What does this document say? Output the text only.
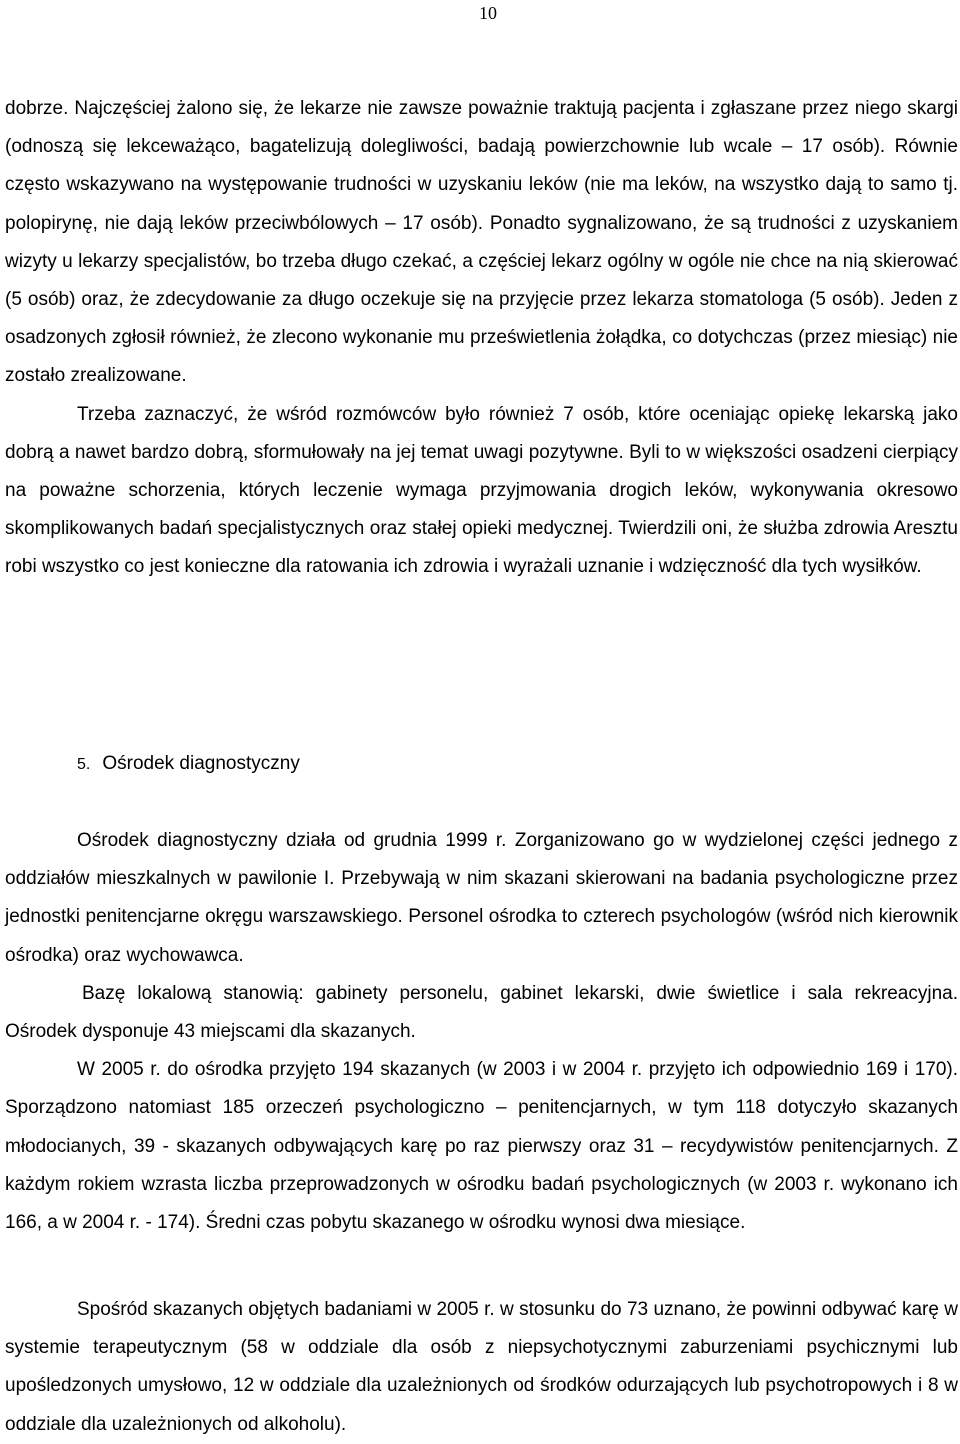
10

dobrze. Najczęściej żalono się, że lekarze nie zawsze poważnie traktują pacjenta i zgłaszane przez niego skargi (odnoszą się lekceważąco, bagatelizują dolegliwości, badają powierzchownie lub wcale – 17 osób). Równie często wskazywano na występowanie trudności w uzyskaniu leków (nie ma leków, na wszystko dają to samo tj. polopirynę, nie dają leków przeciwbólowych – 17 osób). Ponadto sygnalizowano, że są trudności z uzyskaniem wizyty u lekarzy specjalistów, bo trzeba długo czekać, a częściej lekarz ogólny w ogóle nie chce na nią skierować (5 osób) oraz, że zdecydowanie za długo oczekuje się na przyjęcie przez lekarza stomatologa (5 osób). Jeden z osadzonych zgłosił również, że zlecono wykonanie mu prześwietlenia żołądka, co dotychczas (przez miesiąc) nie zostało zrealizowane.

Trzeba zaznaczyć, że wśród rozmówców było również 7 osób, które oceniając opiekę lekarską jako dobrą a nawet bardzo dobrą, sformułowały na jej temat uwagi pozytywne. Byli to w większości osadzeni cierpiący na poważne schorzenia, których leczenie wymaga przyjmowania drogich leków, wykonywania okresowo skomplikowanych badań specjalistycznych oraz stałej opieki medycznej. Twierdzili oni, że służba zdrowia Aresztu robi wszystko co jest konieczne dla ratowania ich zdrowia i wyrażali uznanie i wdzięczność dla tych wysiłków.

5. Ośrodek diagnostyczny

Ośrodek diagnostyczny działa od grudnia 1999 r. Zorganizowano go w wydzielonej części jednego z oddziałów mieszkalnych w pawilonie I. Przebywają w nim skazani skierowani na badania psychologiczne przez jednostki penitencjarne okręgu warszawskiego. Personel ośrodka to czterech psychologów (wśród nich kierownik ośrodka) oraz wychowawca.

Bazę lokalową stanowią: gabinety personelu, gabinet lekarski, dwie świetlice i sala rekreacyjna. Ośrodek dysponuje 43 miejscami dla skazanych.

W 2005 r. do ośrodka przyjęto 194 skazanych (w 2003 i w 2004 r. przyjęto ich odpowiednio 169 i 170). Sporządzono natomiast 185 orzeczeń psychologiczno – penitencjarnych, w tym 118 dotyczyło skazanych młodocianych, 39 - skazanych odbywających karę po raz pierwszy oraz 31 – recydywistów penitencjarnych. Z każdym rokiem wzrasta liczba przeprowadzonych w ośrodku badań psychologicznych (w 2003 r. wykonano ich 166, a w 2004 r. - 174). Średni czas pobytu skazanego w ośrodku wynosi dwa miesiące.

Spośród skazanych objętych badaniami w 2005 r. w stosunku do 73 uznano, że powinni odbywać karę w systemie terapeutycznym (58 w oddziale dla osób z niepsychotycznymi zaburzeniami psychicznymi lub upośledzonych umysłowo, 12 w oddziale dla uzależnionych od środków odurzających lub psychotropowych i 8 w oddziale dla uzależnionych od alkoholu).
